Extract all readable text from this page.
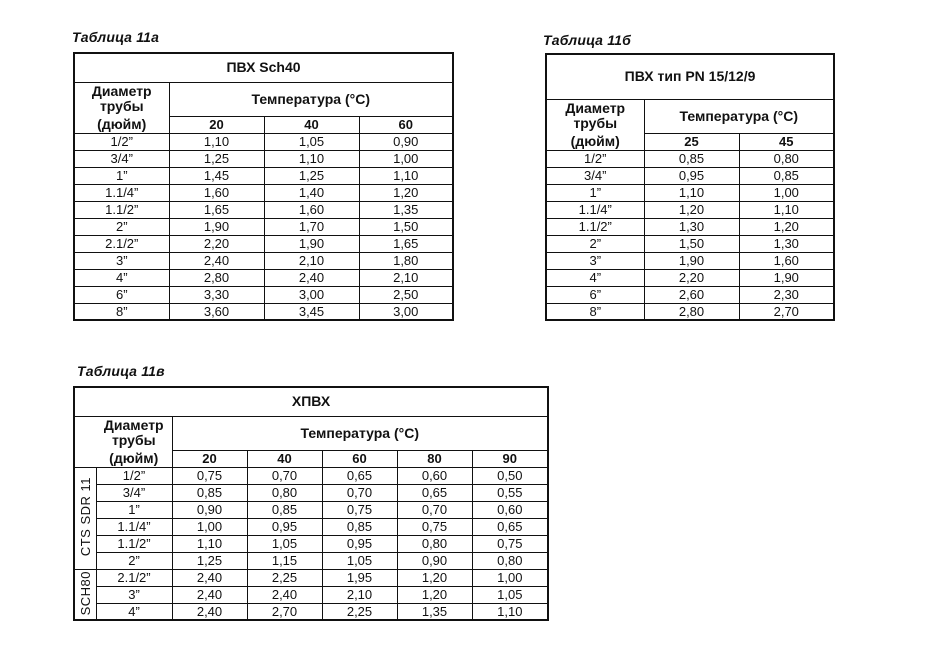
Таблица 11а
ПВХ Sch40			
Диаметр
трубы	Температура (°С)		
(дюйм)	20	40	60
1/2”	1,10	1,05	0,90
3/4”	1,25	1,10	1,00
1”	1,45	1,25	1,10
1.1/4”	1,60	1,40	1,20
1.1/2”	1,65	1,60	1,35
2”	1,90	1,70	1,50
2.1/2”	2,20	1,90	1,65
3”	2,40	2,10	1,80
4”	2,80	2,40	2,10
6”	3,30	3,00	2,50
8”	3,60	3,45	3,00
Таблица 11б
ПВХ тип PN 15/12/9		
Диаметр
трубы	Температура (°С)	
(дюйм)	25	45
1/2”	0,85	0,80
3/4”	0,95	0,85
1”	1,10	1,00
1.1/4”	1,20	1,10
1.1/2”	1,30	1,20
2”	1,50	1,30
3”	1,90	1,60
4”	2,20	1,90
6”	2,60	2,30
8”	2,80	2,70
Таблица 11в
ХПВХ						
	Диаметр
трубы	Температура (°С)				
	(дюйм)	20	40	60	80	90
CTS SDR 11	1/2”	0,75	0,70	0,65	0,60	0,50
	3/4”	0,85	0,80	0,70	0,65	0,55
	1”	0,90	0,85	0,75	0,70	0,60
	1.1/4”	1,00	0,95	0,85	0,75	0,65
	1.1/2”	1,10	1,05	0,95	0,80	0,75
	2”	1,25	1,15	1,05	0,90	0,80
SCH80	2.1/2”	2,40	2,25	1,95	1,20	1,00
	3”	2,40	2,40	2,10	1,20	1,05
	4”	2,40	2,70	2,25	1,35	1,10
